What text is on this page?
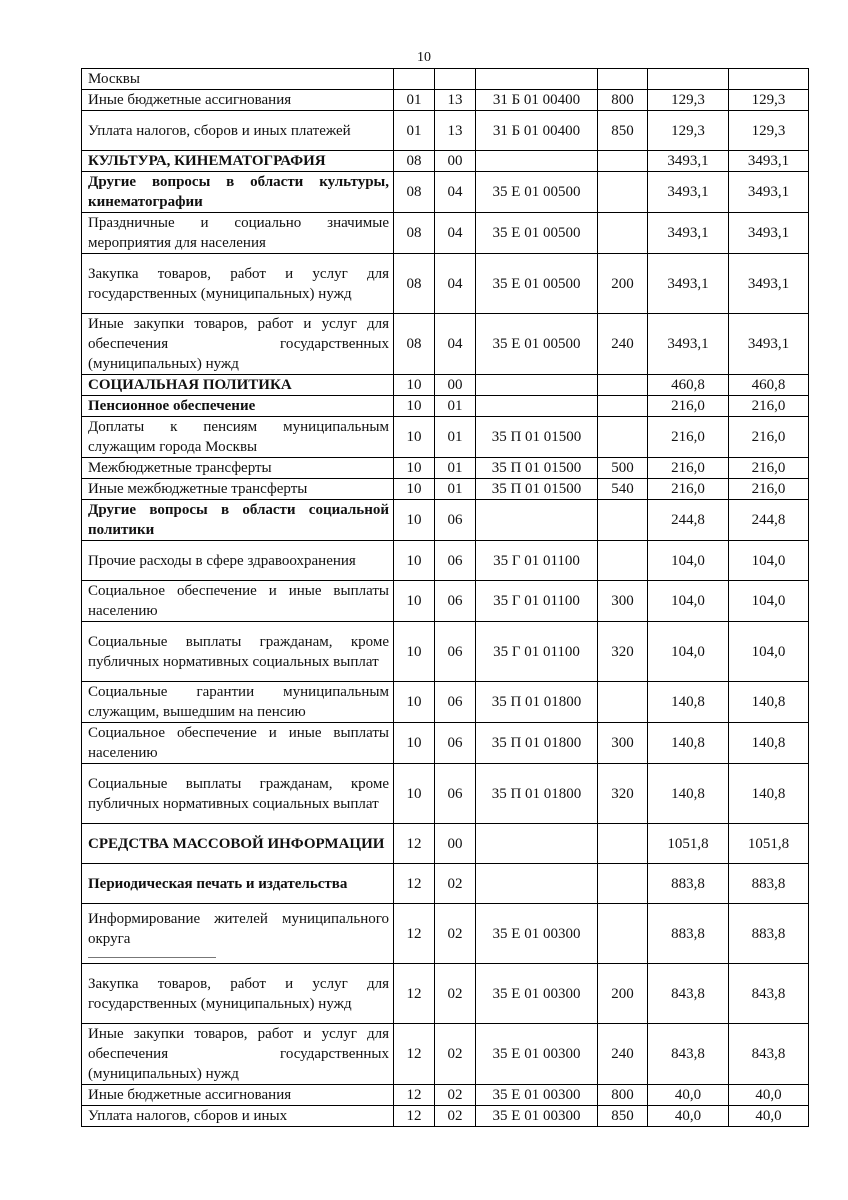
10
Москвы						
Иные бюджетные ассигнования	01	13	31 Б 01 00400	800	129,3	129,3
Уплата налогов, сборов и иных платежей	01	13	31 Б 01 00400	850	129,3	129,3
КУЛЬТУРА, КИНЕМАТОГРАФИЯ	08	00			3493,1	3493,1
Другие вопросы в области культуры, кинематографии	08	04	35 Е 01 00500		3493,1	3493,1
Праздничные и социально значимые мероприятия для населения	08	04	35 Е 01 00500		3493,1	3493,1
Закупка товаров, работ и услуг для государственных (муниципальных) нужд	08	04	35 Е 01 00500	200	3493,1	3493,1
Иные закупки товаров, работ и услуг для обеспечения государственных (муниципальных) нужд	08	04	35 Е 01 00500	240	3493,1	3493,1
СОЦИАЛЬНАЯ ПОЛИТИКА	10	00			460,8	460,8
Пенсионное обеспечение	10	01			216,0	216,0
Доплаты к пенсиям муниципальным служащим города Москвы	10	01	35 П 01 01500		216,0	216,0
Межбюджетные трансферты	10	01	35 П 01 01500	500	216,0	216,0
Иные межбюджетные трансферты	10	01	35 П 01 01500	540	216,0	216,0
Другие вопросы в области социальной политики	10	06			244,8	244,8
Прочие расходы в сфере здравоохранения	10	06	35 Г 01 01100		104,0	104,0
Социальное обеспечение и иные выплаты населению	10	06	35 Г 01 01100	300	104,0	104,0
Социальные выплаты гражданам, кроме публичных нормативных социальных выплат	10	06	35 Г 01 01100	320	104,0	104,0
Социальные гарантии муниципальным служащим, вышедшим на пенсию	10	06	35 П 01 01800		140,8	140,8
Социальное обеспечение и иные выплаты населению	10	06	35 П 01 01800	300	140,8	140,8
Социальные выплаты гражданам, кроме публичных нормативных социальных выплат	10	06	35 П 01 01800	320	140,8	140,8
СРЕДСТВА МАССОВОЙ ИНФОРМАЦИИ	12	00			1051,8	1051,8
Периодическая печать и издательства	12	02			883,8	883,8
Информирование жителей муниципального округа	12	02	35 Е 01 00300		883,8	883,8
Закупка товаров, работ и услуг для государственных (муниципальных) нужд	12	02	35 Е 01 00300	200	843,8	843,8
Иные закупки товаров, работ и услуг для обеспечения государственных (муниципальных) нужд	12	02	35 Е 01 00300	240	843,8	843,8
Иные бюджетные ассигнования	12	02	35 Е 01 00300	800	40,0	40,0
Уплата налогов, сборов и иных	12	02	35 Е 01 00300	850	40,0	40,0
